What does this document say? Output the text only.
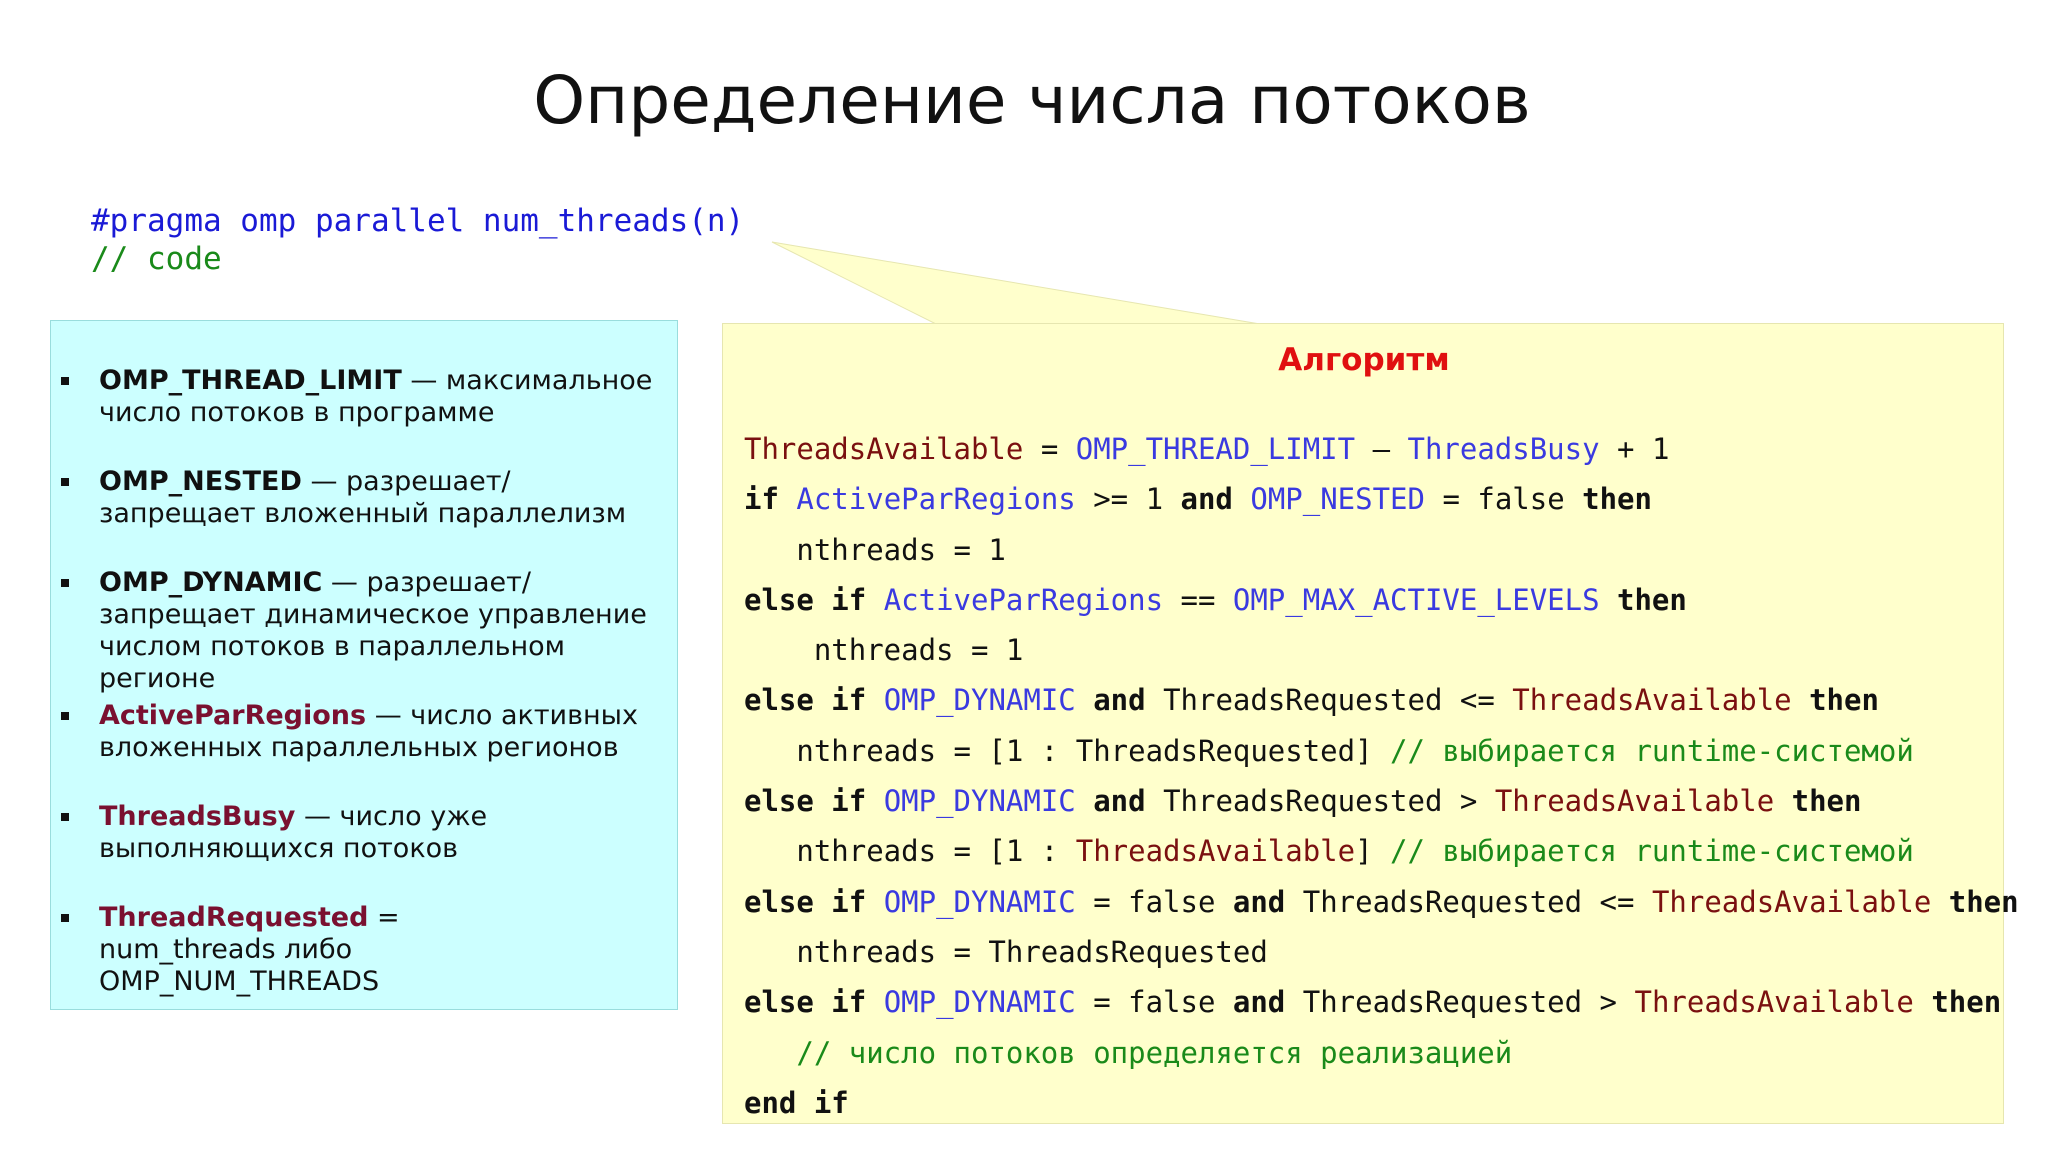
Определение числа потоков
#pragma omp parallel num_threads(n)
// code
OMP_THREAD_LIMIT — максимальное число потоков в программе
OMP_NESTED — разрешает/запрещает вложенный параллелизм
OMP_DYNAMIC — разрешает/запрещает динамическое управление числом потоков в параллельном регионе
ActiveParRegions — число активных вложенных параллельных регионов
ThreadsBusy — число уже выполняющихся потоков
ThreadRequested = num_threads либо OMP_NUM_THREADS
Алгоритм
ThreadsAvailable = OMP_THREAD_LIMIT — ThreadsBusy + 1
if ActiveParRegions >= 1 and OMP_NESTED = false then
nthreads = 1
else if ActiveParRegions == OMP_MAX_ACTIVE_LEVELS then
nthreads = 1
else if OMP_DYNAMIC and ThreadsRequested <= ThreadsAvailable then
nthreads = [1 : ThreadsRequested] // выбирается runtime-системой
else if OMP_DYNAMIC and ThreadsRequested > ThreadsAvailable then
nthreads = [1 : ThreadsAvailable] // выбирается runtime-системой
else if OMP_DYNAMIC = false and ThreadsRequested <= ThreadsAvailable then
nthreads = ThreadsRequested
else if OMP_DYNAMIC = false and ThreadsRequested > ThreadsAvailable then
// число потоков определяется реализацией
end if
